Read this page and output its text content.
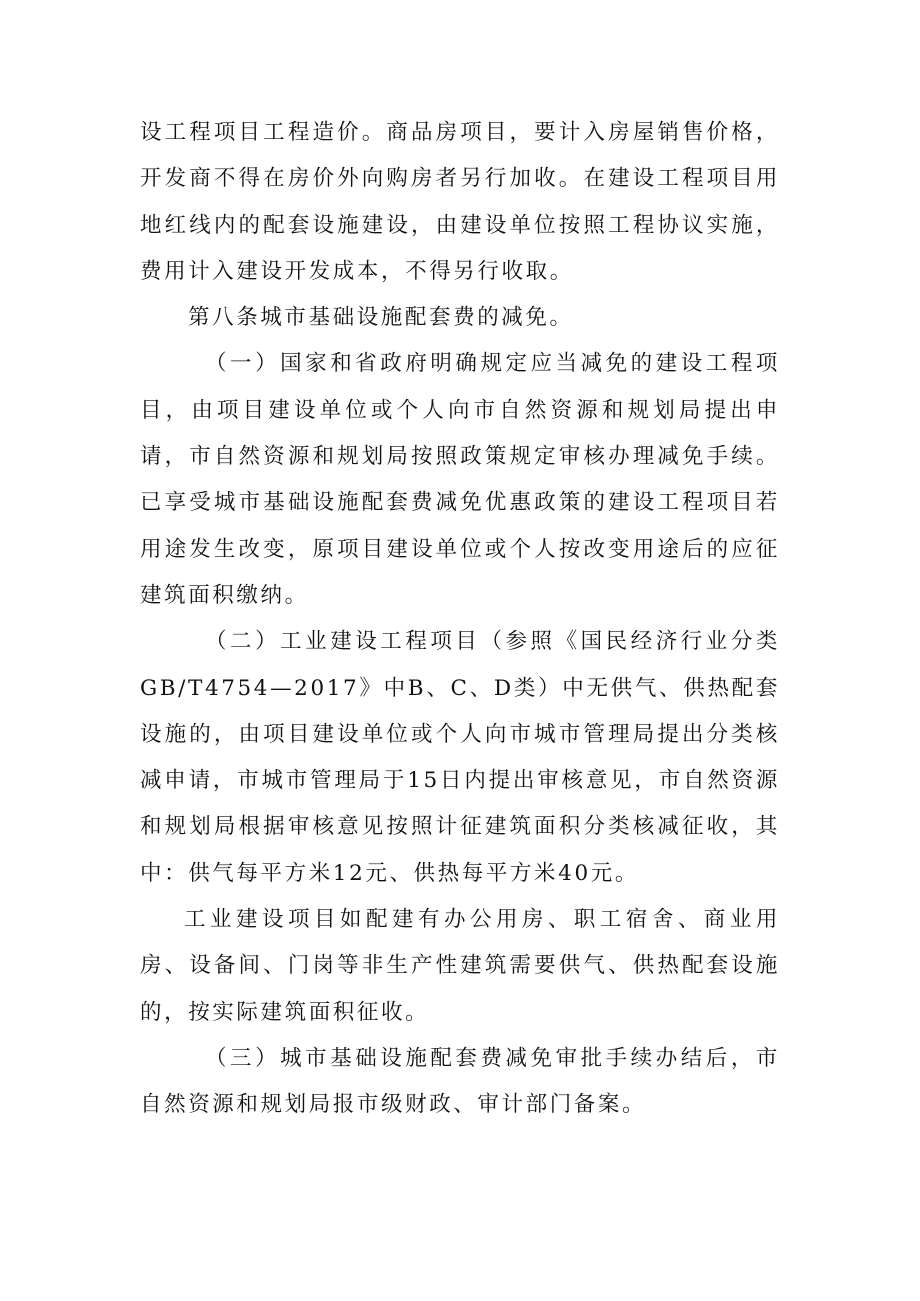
设工程项目工程造价。商品房项目，要计入房屋销售价格，开发商不得在房价外向购房者另行加收。在建设工程项目用地红线内的配套设施建设，由建设单位按照工程协议实施，费用计入建设开发成本，不得另行收取。

第八条城市基础设施配套费的减免。

（一）国家和省政府明确规定应当减免的建设工程项目，由项目建设单位或个人向市自然资源和规划局提出申请，市自然资源和规划局按照政策规定审核办理减免手续。已享受城市基础设施配套费减免优惠政策的建设工程项目若用途发生改变，原项目建设单位或个人按改变用途后的应征建筑面积缴纳。

（二）工业建设工程项目（参照《国民经济行业分类GB/T4754—2017》中B、C、D类）中无供气、供热配套设施的，由项目建设单位或个人向市城市管理局提出分类核减申请，市城市管理局于15日内提出审核意见，市自然资源和规划局根据审核意见按照计征建筑面积分类核减征收，其中：供气每平方米12元、供热每平方米40元。

工业建设项目如配建有办公用房、职工宿舍、商业用房、设备间、门岗等非生产性建筑需要供气、供热配套设施的，按实际建筑面积征收。

（三）城市基础设施配套费减免审批手续办结后，市自然资源和规划局报市级财政、审计部门备案。
